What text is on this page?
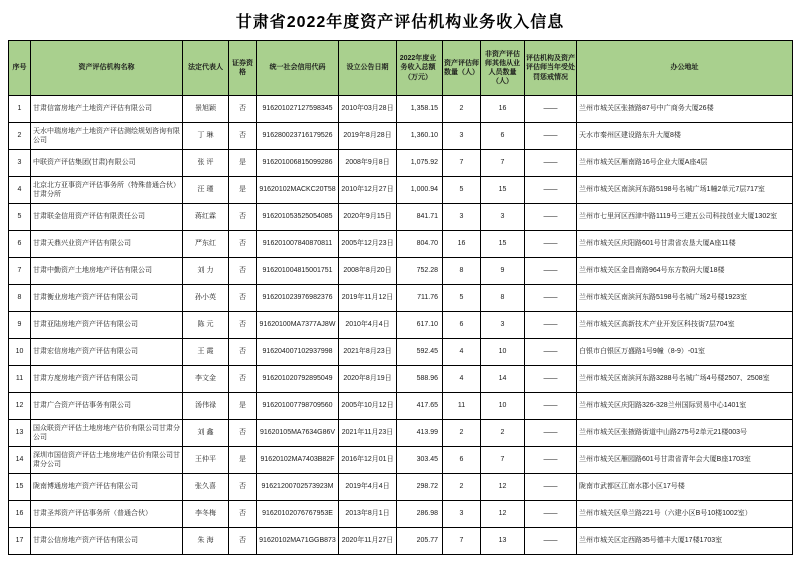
甘肃省2022年度资产评估机构业务收入信息
序号	资产评估机构名称	法定代表人	证券资格	统一社会信用代码	设立公告日期	2022年度业务收入总额（万元）	资产评估师数量（人）	非资产评估师其他从业人员数量（人）	评估机构及资产评估师当年受处罚惩戒情况	办公地址
1	甘肃信富房地产土地资产评估有限公司	景旭颖	否	916201027127598345	2010年03月28日	1,358.15	2	16	——	兰州市城关区张掖路87号中广商务大厦26楼
2	天水中瑞房地产土地资产评估测绘规划咨询有限公司	丁 琳	否	916280023716179526	2019年8月28日	1,360.10	3	6	——	天水市秦州区建设路东升大厦8楼
3	中联资产评估集团(甘肃)有限公司	张 评	是	916201006815099286	2008年9月8日	1,075.92	7	7	——	兰州市城关区雁南路16号企业大厦A座4层
4	北京北方亚事资产评估事务所（特殊普通合伙）甘肃分所	汪 瑾	是	91620102MACKC20T58	2010年12月27日	1,000.94	5	15	——	兰州市城关区南滨河东路5198号名城广场1幢2单元7层717室
5	甘肃联金信用资产评估有限责任公司	蒋红霖	否	916201053525054085	2020年9月15日	841.71	3	3	——	兰州市七里河区西津中路1119号三建五公司科技创业大厦1302室
6	甘肃天鼎兴业资产评估有限公司	严东红	否	916201007840870811	2005年12月23日	804.70	16	15	——	兰州市城关区庆阳路601号甘肃省农垦大厦A座11楼
7	甘肃中勤资产土地房地产评估有限公司	刘 力	否	916201004815001751	2008年8月20日	752.28	8	9	——	兰州市城关区金昌南路964号东方数码大厦18楼
8	甘肃衡业房地产资产评估有限公司	孙小英	否	916201023976982376	2019年11月12日	711.76	5	8	——	兰州市城关区南滨河东路5198号名城广场2号楼1923室
9	甘肃亚陆房地产资产评估有限公司	陈 元	否	91620100MA7377AJ8W	2010年4月4日	617.10	6	3	——	兰州市城关区高新技术产业开发区科技街7层704室
10	甘肃宏信房地产资产评估有限公司	王 霞	否	916204007102937998	2021年8月23日	592.45	4	10	——	白银市白银区万盛路1号9幢（8-9）-01室
11	甘肃方度房地产资产评估有限公司	李文金	否	916201020792895049	2020年8月19日	588.96	4	14	——	兰州市城关区南滨河东路3288号名城广场4号楼2507、2508室
12	甘肃广合资产评估事务有限公司	汤伟禄	是	916201007798709560	2005年10月12日	417.65	11	10	——	兰州市城关区庆阳路326-328兰州国际贸易中心1401室
13	国众联资产评估土地房地产估价有限公司甘肃分公司	刘 鑫	否	91620105MA7634G86V	2021年11月23日	413.99	2	2	——	兰州市城关区张掖路街道中山路275号2单元21楼003号
14	深圳市国信资产评估土地房地产估价有限公司甘肃分公司	王仲平	是	91620102MA7403B82F	2016年12月01日	303.45	6	7	——	兰州市城关区雁园路601号甘肃省青年会大厦B座1703室
15	陇南博通房地产资产评估有限公司	张久喜	否	91621200702573923M	2019年4月4日	298.72	2	12	——	陇南市武都区江南水郡小区17号楼
16	甘肃圣邦资产评估事务所（普通合伙）	李冬梅	否	91620102076767953E	2013年8月1日	286.98	3	12	——	兰州市城关区皋兰路221号（六建小区B号10楼1002室）
17	甘肃公信房地产资产评估有限公司	朱 海	否	91620102MA71GGB873	2020年11月27日	205.77	7	13	——	兰州市城关区定西路35号德丰大厦17楼1703室
